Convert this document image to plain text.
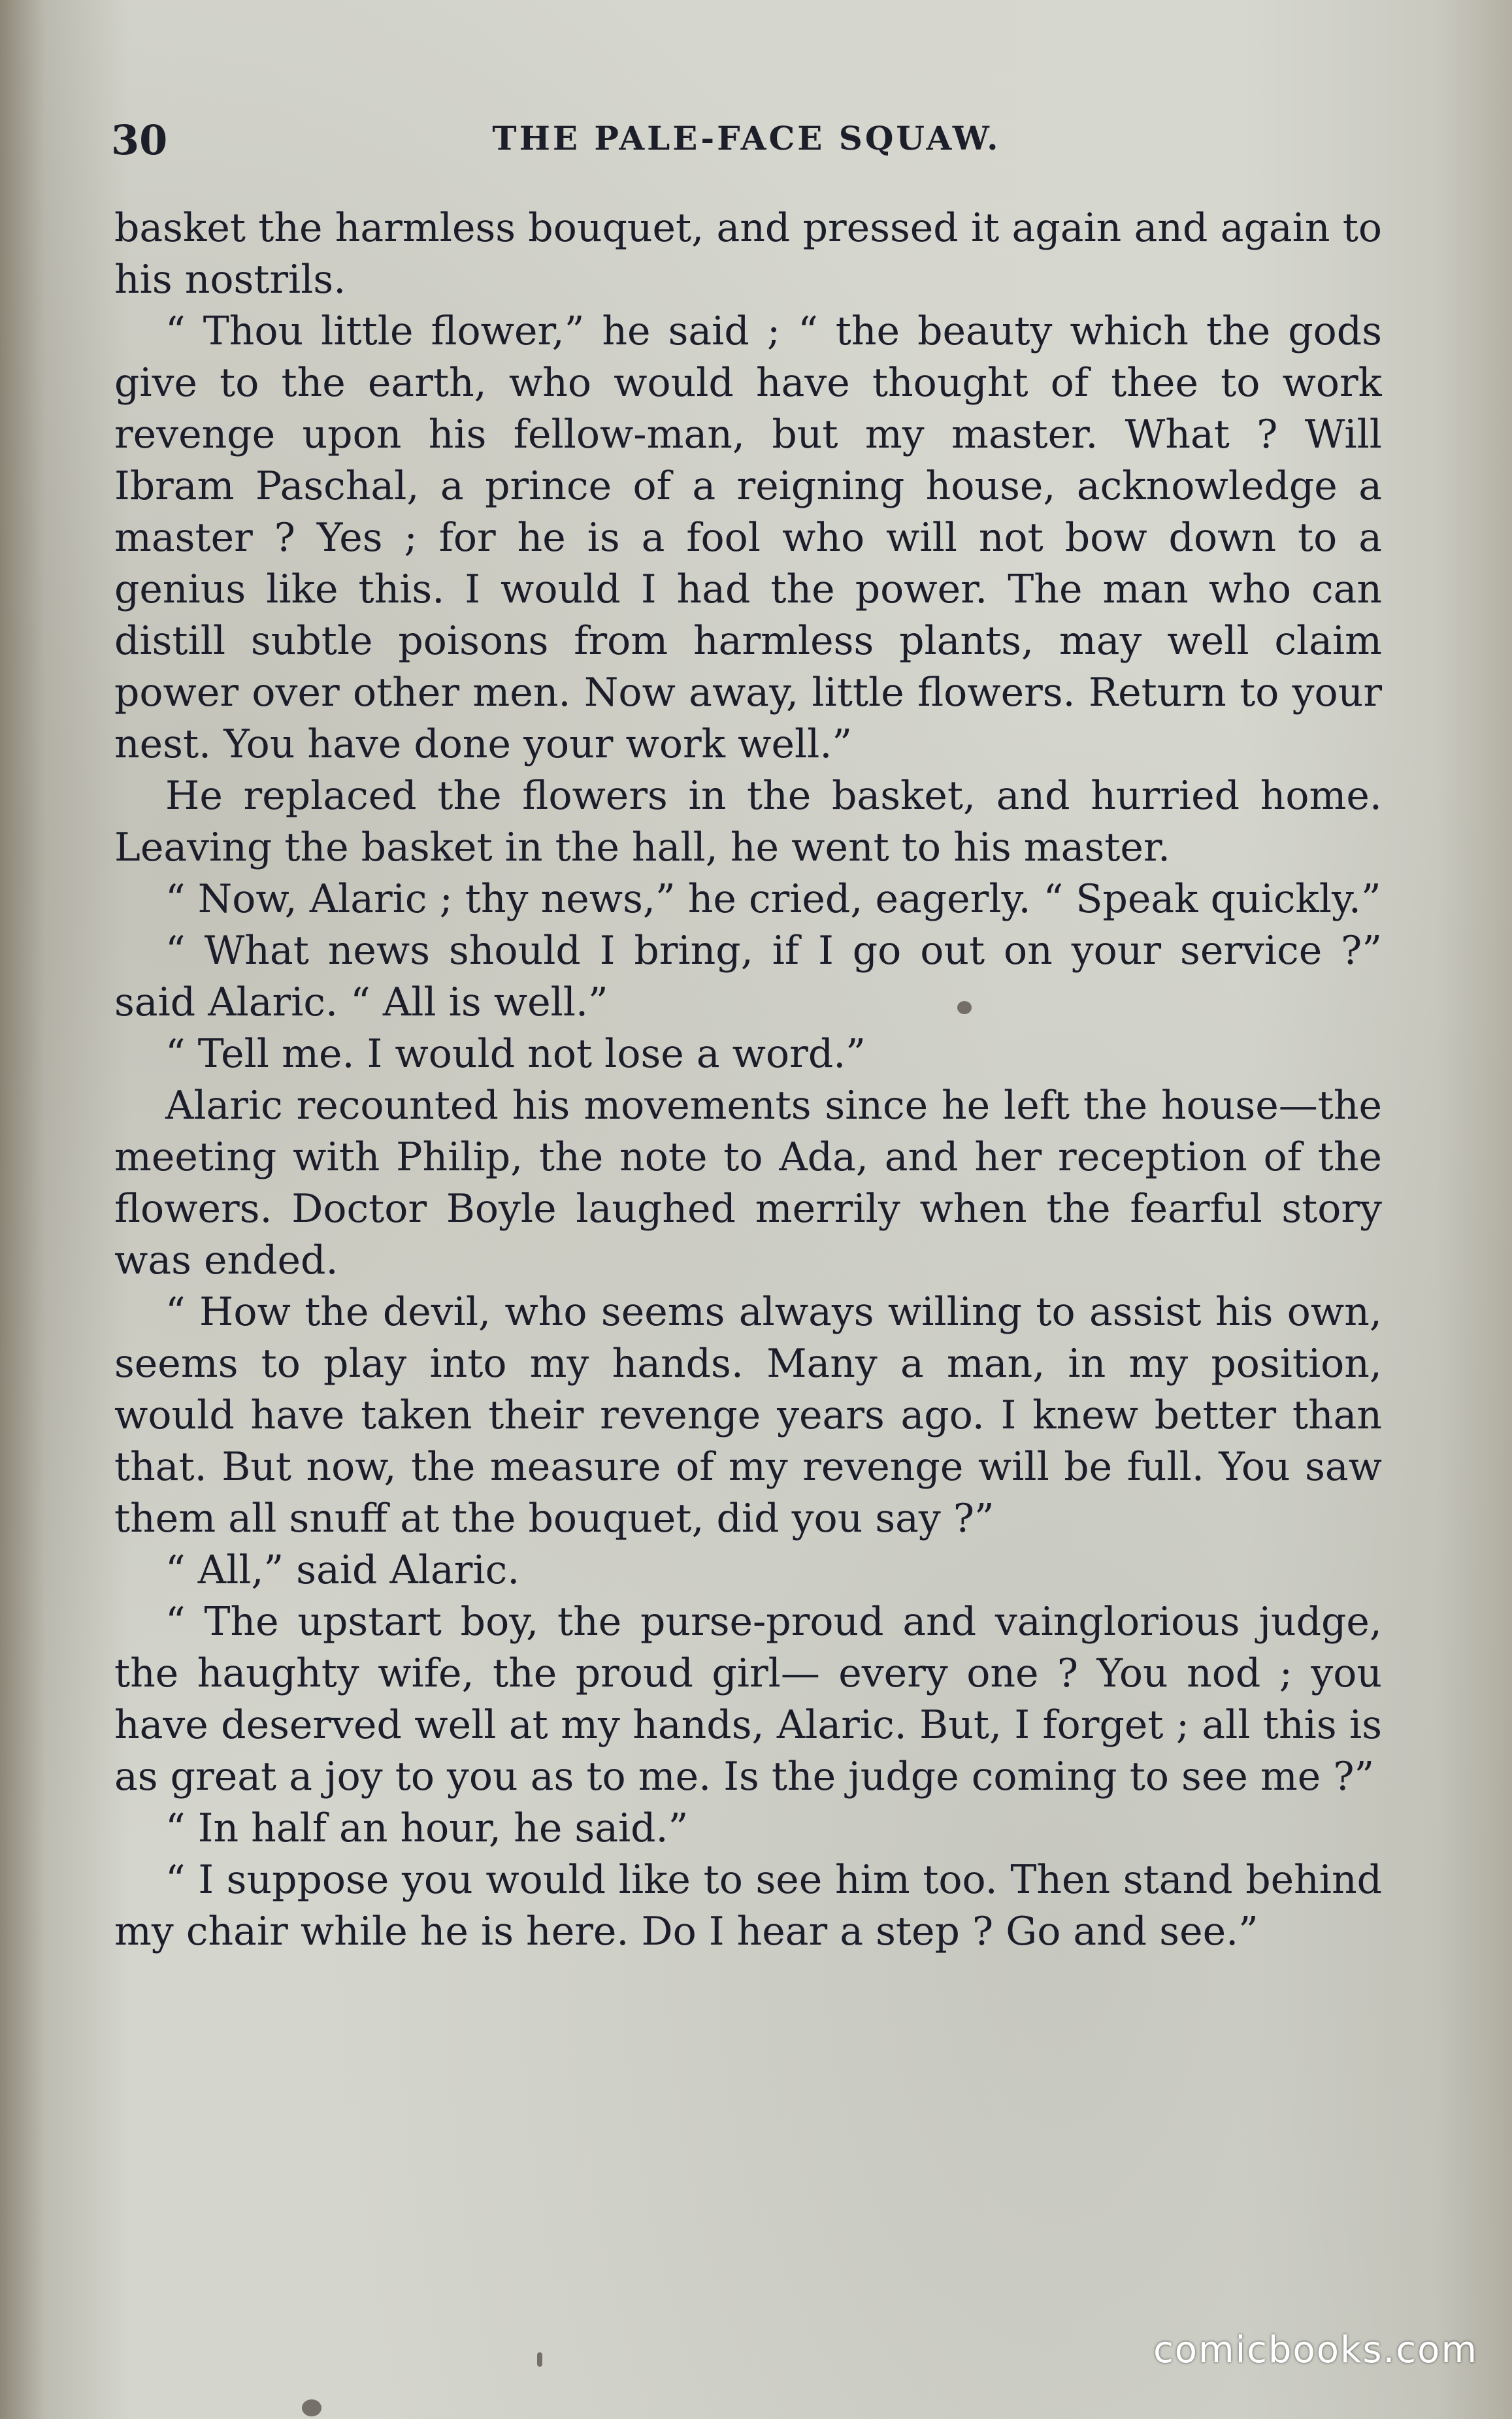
30	THE PALE-FACE SQUAW.

basket the harmless bouquet, and pressed it again and again to his nostrils.

“ Thou little flower,” he said ; “ the beauty which the gods give to the earth, who would have thought of thee to work revenge upon his fellow-man, but my master. What ? Will Ibram Paschal, a prince of a reigning house, acknowledge a master ? Yes ; for he is a fool who will not bow down to a genius like this. I would I had the power. The man who can distill subtle poisons from harmless plants, may well claim power over other men. Now away, little flowers. Return to your nest. You have done your work well.”

He replaced the flowers in the basket, and hurried home. Leaving the basket in the hall, he went to his master.

“ Now, Alaric ; thy news,” he cried, eagerly. “ Speak quickly.”

“ What news should I bring, if I go out on your service ?” said Alaric. “ All is well.”

“ Tell me. I would not lose a word.”

Alaric recounted his movements since he left the house—the meeting with Philip, the note to Ada, and her reception of the flowers. Doctor Boyle laughed merrily when the fearful story was ended.

“ How the devil, who seems always willing to assist his own, seems to play into my hands. Many a man, in my position, would have taken their revenge years ago. I knew better than that. But now, the measure of my revenge will be full. You saw them all snuff at the bouquet, did you say ?”

“ All,” said Alaric.

“ The upstart boy, the purse-proud and vainglorious judge, the haughty wife, the proud girl— every one ? You nod ; you have deserved well at my hands, Alaric. But, I forget ; all this is as great a joy to you as to me. Is the judge coming to see me ?”

“ In half an hour, he said.”

“ I suppose you would like to see him too. Then stand behind my chair while he is here. Do I hear a step ? Go and see.”

comicbooks.com
